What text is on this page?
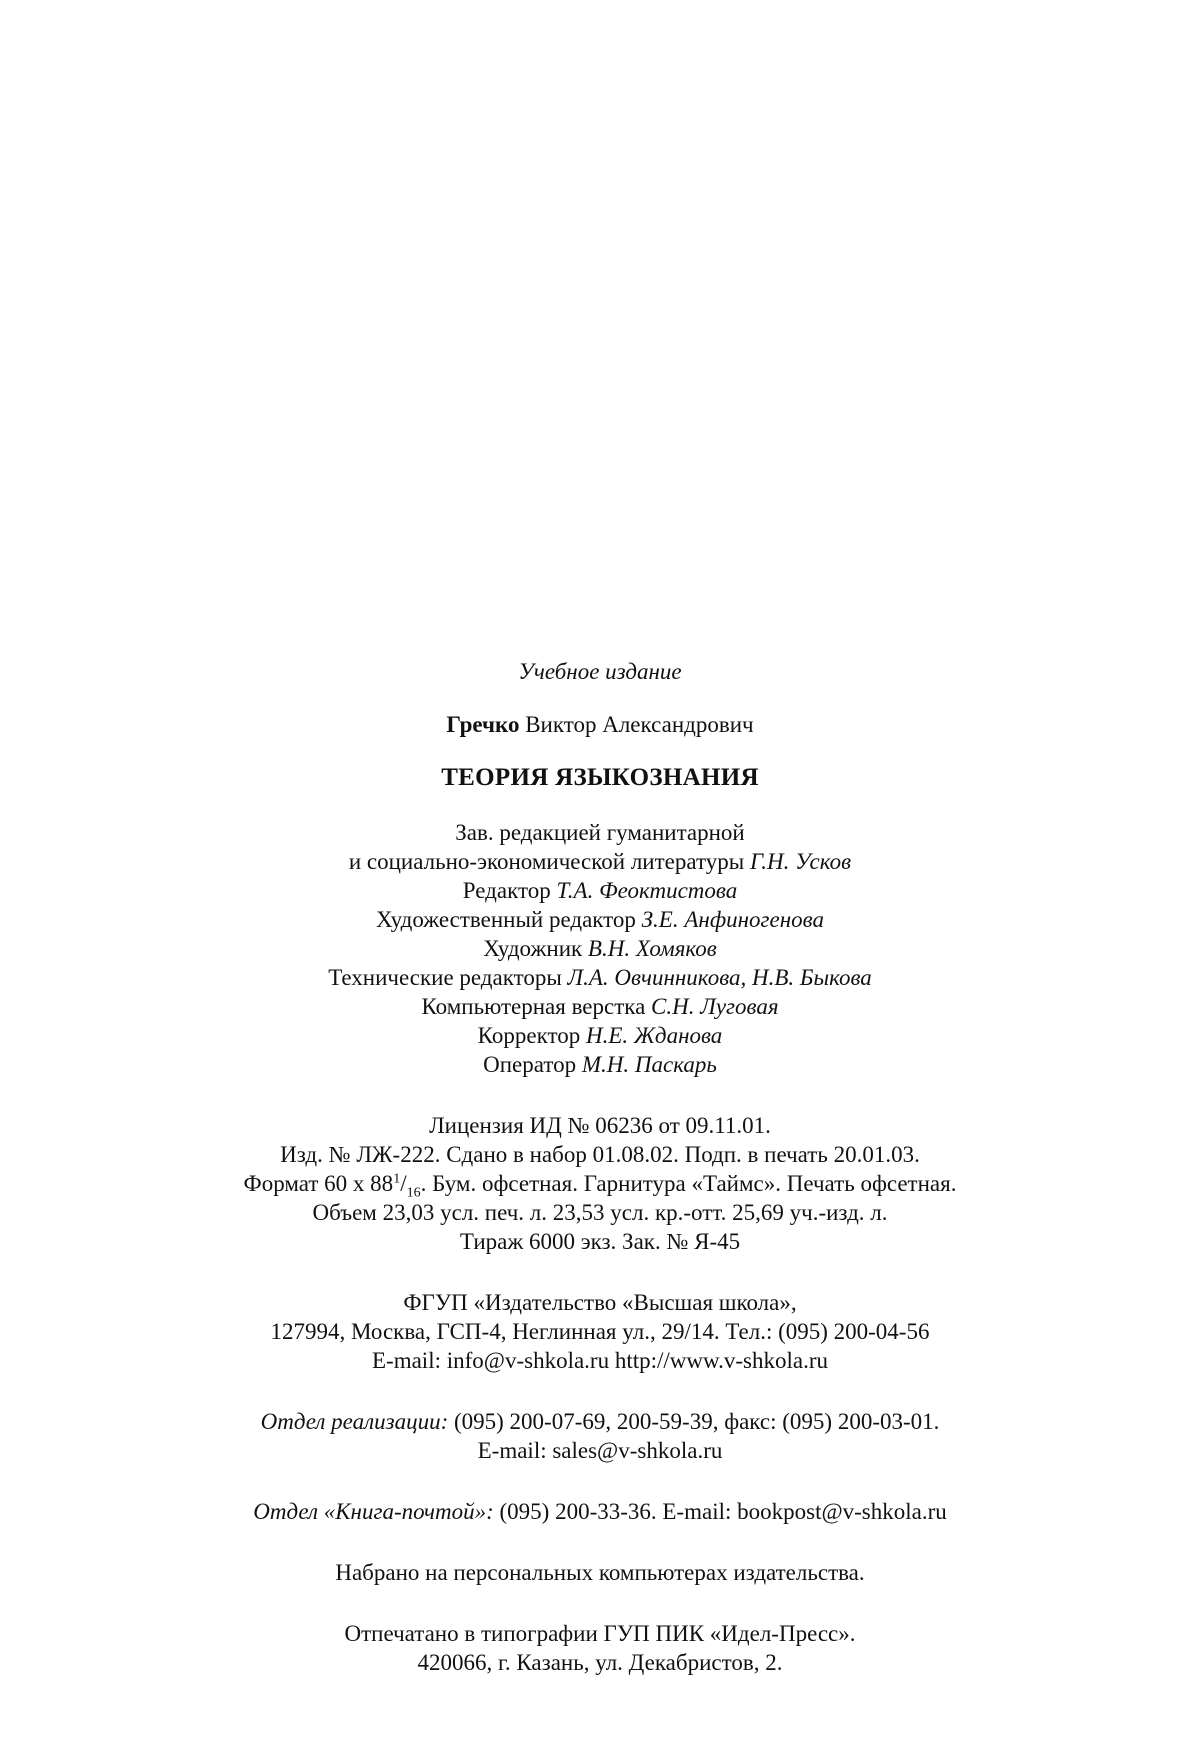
Учебное издание
Гречко Виктор Александрович
ТЕОРИЯ ЯЗЫКОЗНАНИЯ
Зав. редакцией гуманитарной
и социально-экономической литературы Г.Н. Усков
Редактор Т.А. Феоктистова
Художественный редактор З.Е. Анфиногенова
Художник В.Н. Хомяков
Технические редакторы Л.А. Овчинникова, Н.В. Быкова
Компьютерная верстка С.Н. Луговая
Корректор Н.Е. Жданова
Оператор М.Н. Паскарь
Лицензия ИД № 06236 от 09.11.01.
Изд. № ЛЖ-222. Сдано в набор 01.08.02. Подп. в печать 20.01.03.
Формат 60 х $88^1/_{16}$. Бум. офсетная. Гарнитура «Таймс». Печать офсетная.
Объем 23,03 усл. печ. л. 23,53 усл. кр.-отт. 25,69 уч.-изд. л.
Тираж 6000 экз. Зак. № Я-45
ФГУП «Издательство «Высшая школа»,
127994, Москва, ГСП-4, Неглинная ул., 29/14. Тел.: (095) 200-04-56
E-mail: info@v-shkola.ru http://www.v-shkola.ru
Отдел реализации: (095) 200-07-69, 200-59-39, факс: (095) 200-03-01.
E-mail: sales@v-shkola.ru
Отдел «Книга-почтой»: (095) 200-33-36. E-mail: bookpost@v-shkola.ru
Набрано на персональных компьютерах издательства.
Отпечатано в типографии ГУП ПИК «Идел-Пресс».
420066, г. Казань, ул. Декабристов, 2.
